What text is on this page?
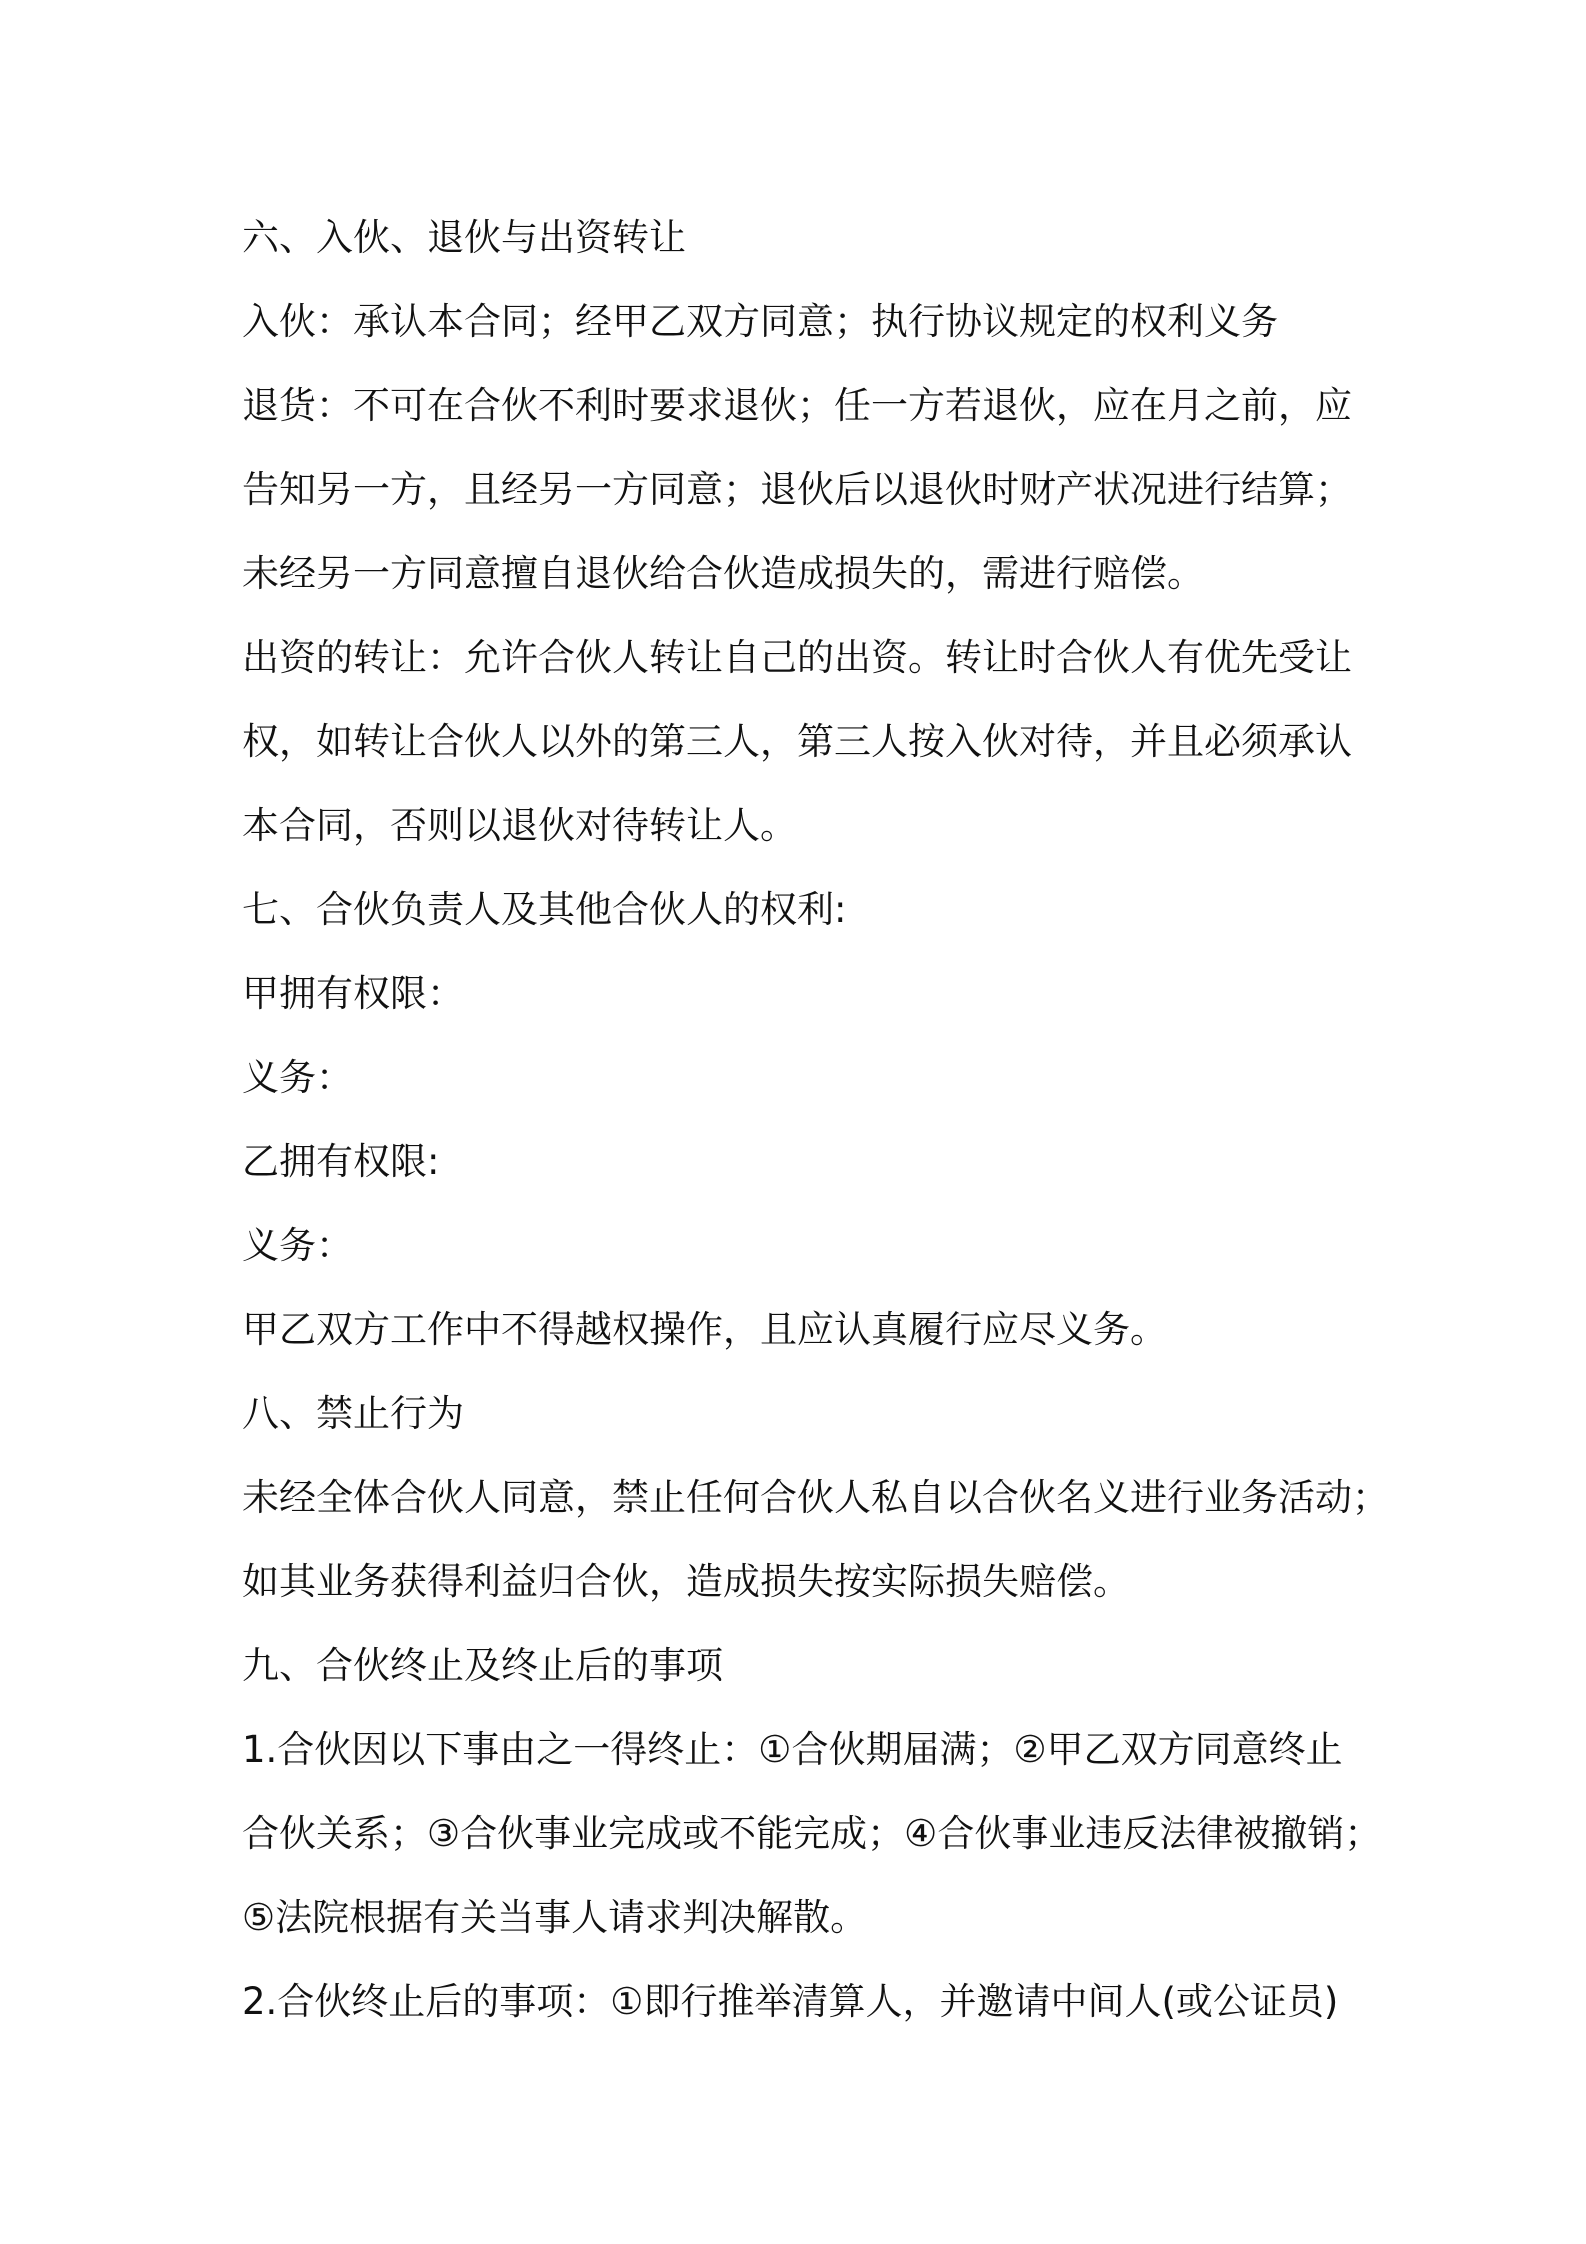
六、入伙、退伙与出资转让
入伙：承认本合同；经甲乙双方同意；执行协议规定的权利义务
退货：不可在合伙不利时要求退伙；任一方若退伙，应在月之前，应
告知另一方，且经另一方同意；退伙后以退伙时财产状况进行结算；
未经另一方同意擅自退伙给合伙造成损失的，需进行赔偿。
出资的转让：允许合伙人转让自己的出资。转让时合伙人有优先受让
权，如转让合伙人以外的第三人，第三人按入伙对待，并且必须承认
本合同，否则以退伙对待转让人。
七、合伙负责人及其他合伙人的权利:
甲拥有权限：
义务：
乙拥有权限:
义务：
甲乙双方工作中不得越权操作，且应认真履行应尽义务。
八、禁止行为
未经全体合伙人同意，禁止任何合伙人私自以合伙名义进行业务活动；
如其业务获得利益归合伙，造成损失按实际损失赔偿。
九、合伙终止及终止后的事项
1.合伙因以下事由之一得终止：①合伙期届满；②甲乙双方同意终止
合伙关系；③合伙事业完成或不能完成；④合伙事业违反法律被撤销；
⑤法院根据有关当事人请求判决解散。
2.合伙终止后的事项：①即行推举清算人，并邀请中间人(或公证员)
